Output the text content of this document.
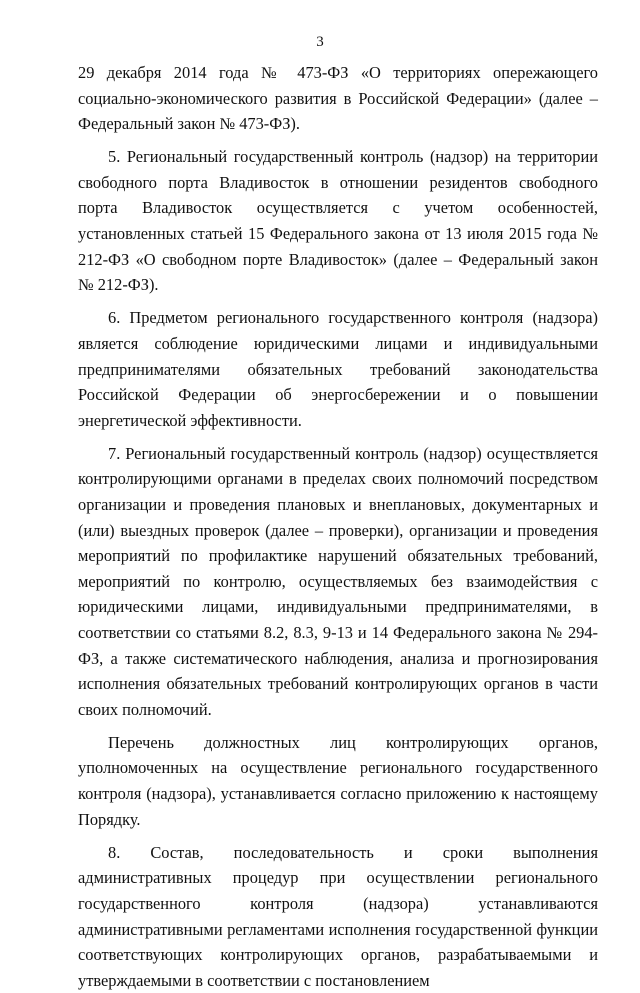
3

29 декабря 2014 года № 473-ФЗ «О территориях опережающего социально-экономического развития в Российской Федерации» (далее – Федеральный закон № 473-ФЗ).

5. Региональный государственный контроль (надзор) на территории свободного порта Владивосток в отношении резидентов свободного порта Владивосток осуществляется с учетом особенностей, установленных статьей 15 Федерального закона от 13 июля 2015 года № 212-ФЗ «О свободном порте Владивосток» (далее – Федеральный закон № 212-ФЗ).

6. Предметом регионального государственного контроля (надзора) является соблюдение юридическими лицами и индивидуальными предпринимателями обязательных требований законодательства Российской Федерации об энергосбережении и о повышении энергетической эффективности.

7. Региональный государственный контроль (надзор) осуществляется контролирующими органами в пределах своих полномочий посредством организации и проведения плановых и внеплановых, документарных и (или) выездных проверок (далее – проверки), организации и проведения мероприятий по профилактике нарушений обязательных требований, мероприятий по контролю, осуществляемых без взаимодействия с юридическими лицами, индивидуальными предпринимателями, в соответствии со статьями 8.2, 8.3, 9-13 и 14 Федерального закона № 294-ФЗ, а также систематического наблюдения, анализа и прогнозирования исполнения обязательных требований контролирующих органов в части своих полномочий.

Перечень должностных лиц контролирующих органов, уполномоченных на осуществление регионального государственного контроля (надзора), устанавливается согласно приложению к настоящему Порядку.

8. Состав, последовательность и сроки выполнения административных процедур при осуществлении регионального государственного контроля (надзора) устанавливаются административными регламентами исполнения государственной функции соответствующих контролирующих органов, разрабатываемыми и утверждаемыми в соответствии с постановлением
